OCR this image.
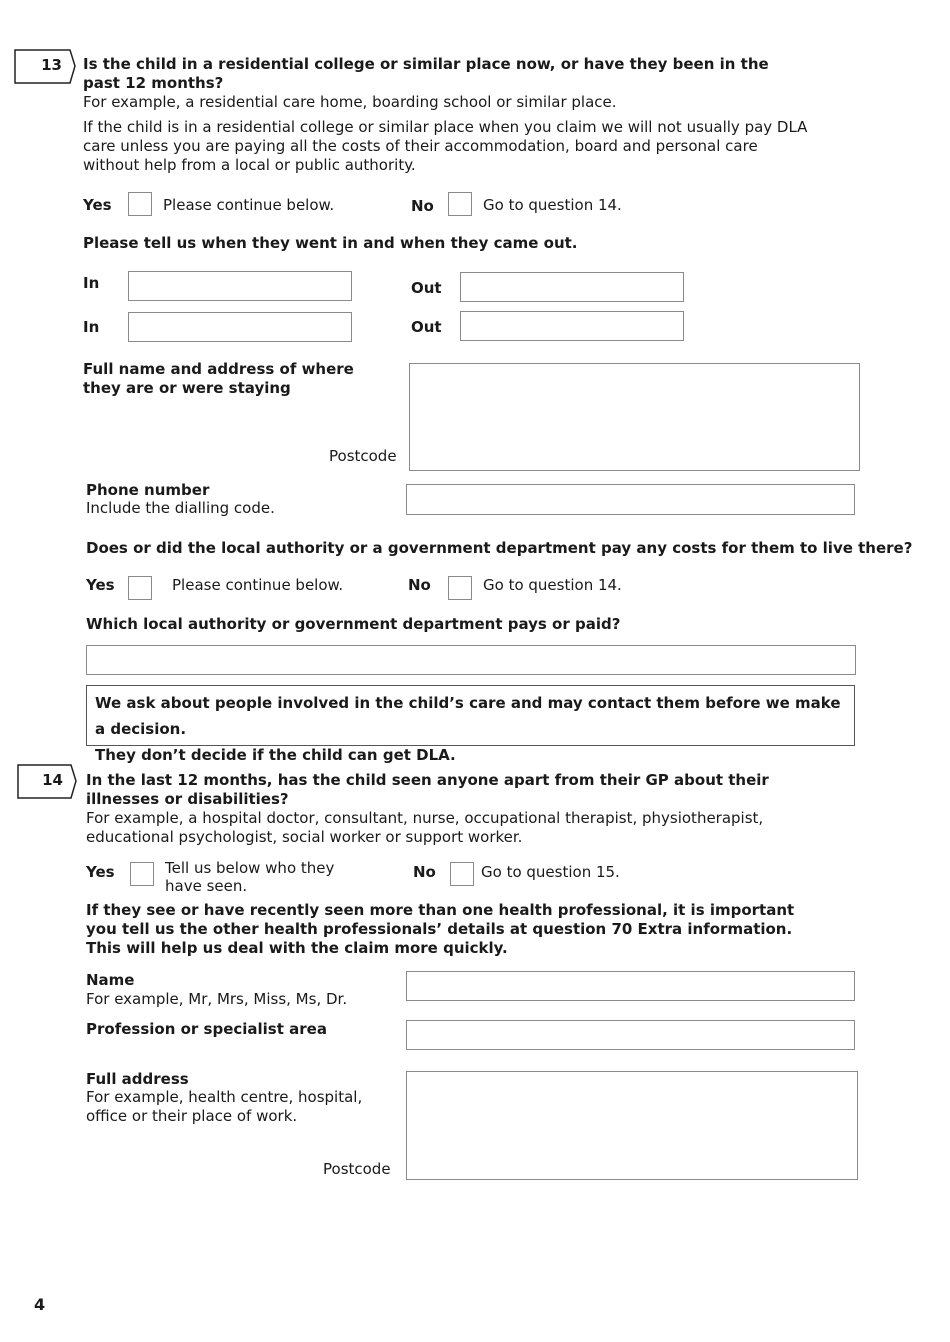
13 Is the child in a residential college or similar place now, or have they been in the past 12 months?
For example, a residential care home, boarding school or similar place.
If the child is in a residential college or similar place when you claim we will not usually pay DLA care unless you are paying all the costs of their accommodation, board and personal care without help from a local or public authority.
Yes	Please continue below.	No	Go to question 14.
Please tell us when they went in and when they came out.
In	Out
In	Out
Full name and address of where they are or were staying
Postcode
Phone number
Include the dialling code.
Does or did the local authority or a government department pay any costs for them to live there?
Yes	Please continue below.	No	Go to question 14.
Which local authority or government department pays or paid?
We ask about people involved in the child’s care and may contact them before we make a decision.
They don’t decide if the child can get DLA.
14 In the last 12 months, has the child seen anyone apart from their GP about their illnesses or disabilities?
For example, a hospital doctor, consultant, nurse, occupational therapist, physiotherapist, educational psychologist, social worker or support worker.
Yes	Tell us below who they have seen.
No	Go to question 15.
If they see or have recently seen more than one health professional, it is important you tell us the other health professionals’ details at question 70 Extra information. This will help us deal with the claim more quickly.
Name
For example, Mr, Mrs, Miss, Ms, Dr.
Profession or specialist area
Full address
For example, health centre, hospital, office or their place of work.
Postcode
4
